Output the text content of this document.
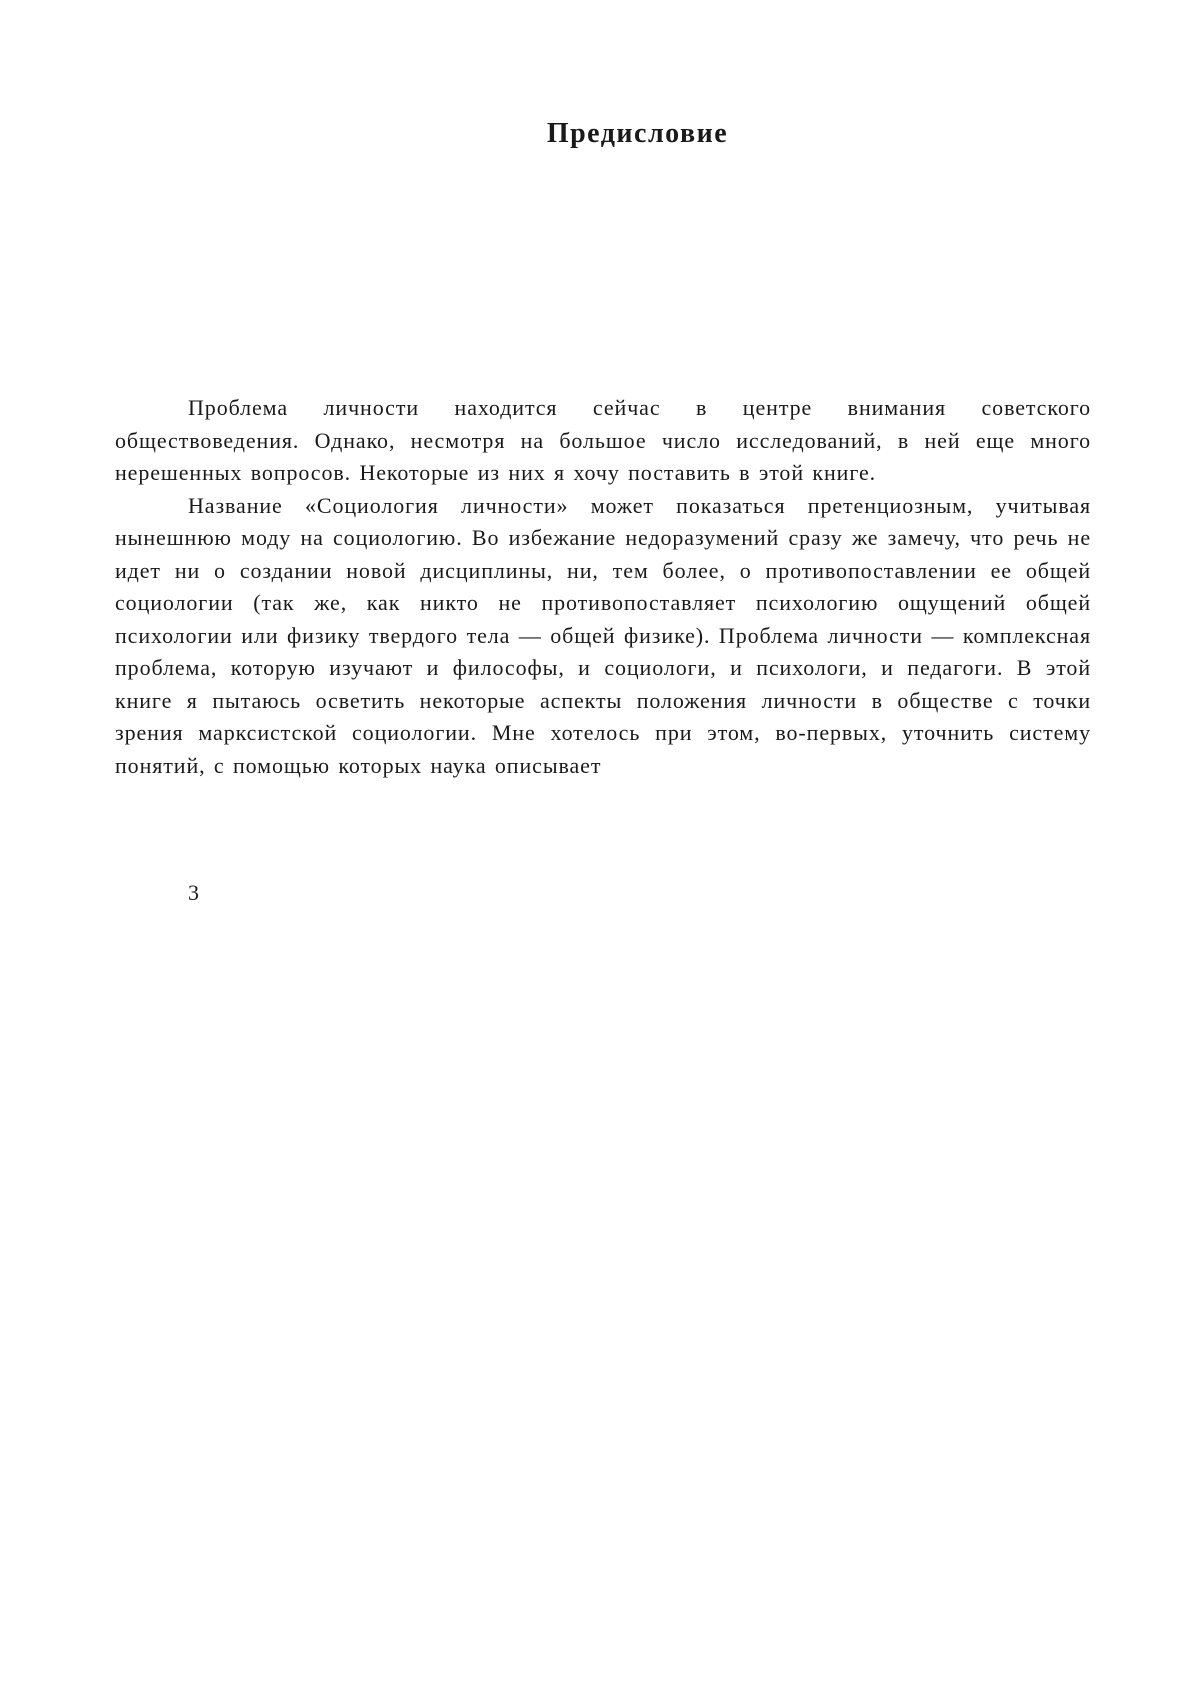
Предисловие

Проблема личности находится сейчас в центре внимания советского обществоведения. Однако, несмотря на большое число исследований, в ней еще много нерешенных вопросов. Некоторые из них я хочу поставить в этой книге.

Название «Социология личности» может показаться претенциозным, учитывая нынешнюю моду на социологию. Во избежание недоразумений сразу же замечу, что речь не идет ни о создании новой дисциплины, ни, тем более, о противопоставлении ее общей социологии (так же, как никто не противопоставляет психологию ощущений общей психологии или физику твердого тела — общей физике). Проблема личности — комплексная проблема, которую изучают и философы, и социологи, и психологи, и педагоги. В этой книге я пытаюсь осветить некоторые аспекты положения личности в обществе с точки зрения марксистской социологии. Мне хотелось при этом, во-первых, уточнить систему понятий, с помощью которых наука описывает

3
